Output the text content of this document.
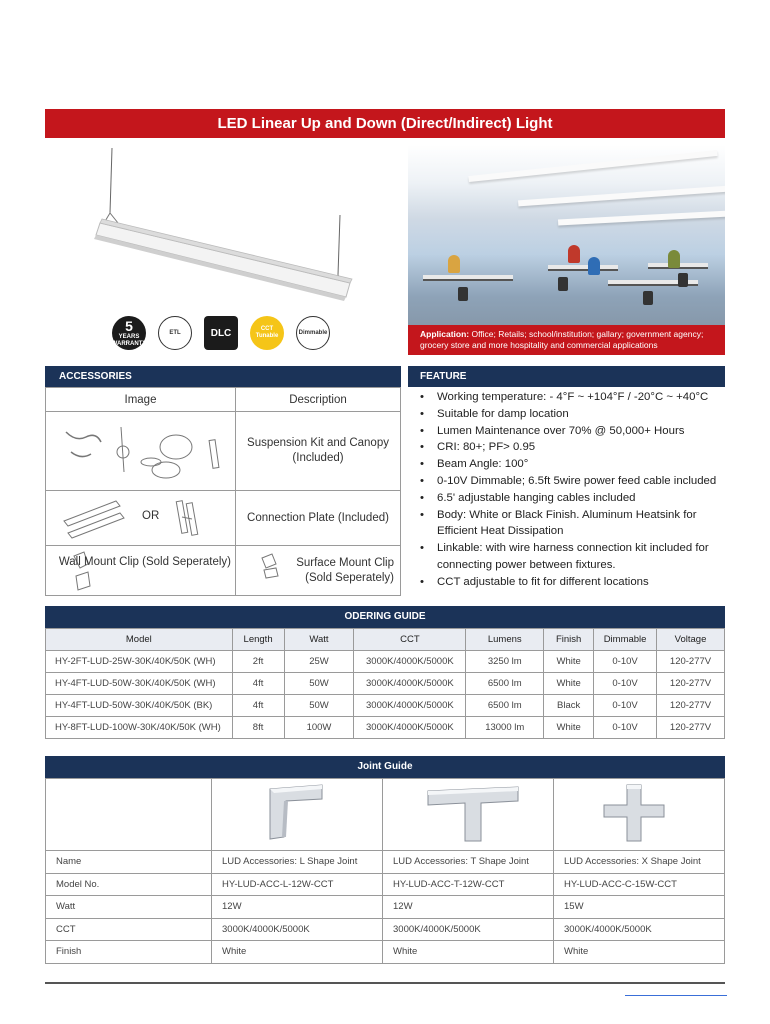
LED Linear Up and Down (Direct/Indirect) Light
5
YEARS WARRANTY
ETL	DLC	CCT Tunable
Dimmable	Application: Office; Retails; school/institution; gallary; government agency; grocery store and more hospitality and commercial applications
ACCESSORIES
Image	Description
	Suspension Kit and Canopy (Included)

OR	Connection Plate (Included)

Wall Mount Clip (Sold Seperately)	Surface Mount Clip (Sold Seperately)
FEATURE
• Working temperature: - 4°F ~ +104°F / -20°C ~ +40°C
• Suitable for damp location
• Lumen Maintenance over 70% @ 50,000+ Hours
• CRI: 80+; PF> 0.95
• Beam Angle: 100°
• 0-10V Dimmable; 6.5ft 5wire power feed cable included
• 6.5' adjustable hanging cables included
• Body: White or Black Finish. Aluminum Heatsink for Efficient Heat Dissipation
• Linkable: with wire harness connection kit included for connecting power between fixtures.
• CCT adjustable to fit for different locations
ODERING GUIDE
Model	Length	Watt	CCT	Lumens	Finish	Dimmable	Voltage
HY-2FT-LUD-25W-30K/40K/50K (WH)	2ft	25W	3000K/4000K/5000K	3250 lm	White	0-10V	120-277V
HY-4FT-LUD-50W-30K/40K/50K (WH)	4ft	50W	3000K/4000K/5000K	6500 lm	White	0-10V	120-277V
HY-4FT-LUD-50W-30K/40K/50K (BK)	4ft	50W	3000K/4000K/5000K	6500 lm	Black	0-10V	120-277V
HY-8FT-LUD-100W-30K/40K/50K (WH)	8ft	100W	3000K/4000K/5000K	13000 lm	White	0-10V	120-277V
Joint Guide

Name	LUD Accessories: L Shape Joint	LUD Accessories: T Shape Joint	LUD Accessories: X Shape Joint
Model No.	HY-LUD-ACC-L-12W-CCT	HY-LUD-ACC-T-12W-CCT	HY-LUD-ACC-C-15W-CCT
Watt	12W	12W	15W
CCT	3000K/4000K/5000K	3000K/4000K/5000K	3000K/4000K/5000K
Finish	White	White	White
